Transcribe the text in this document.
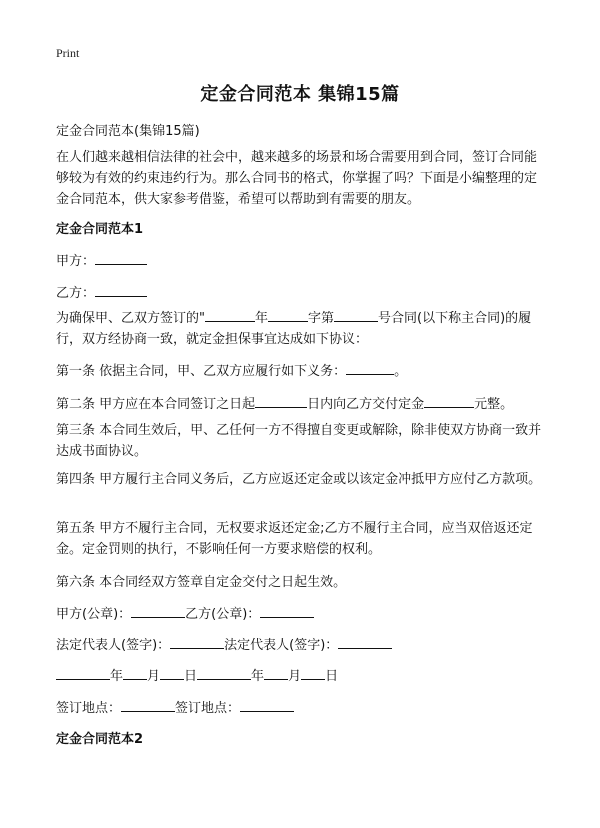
Print
定金合同范本 集锦15篇
定金合同范本(集锦15篇)
在人们越来越相信法律的社会中，越来越多的场景和场合需要用到合同，签订合同能够较为有效的约束违约行为。那么合同书的格式，你掌握了吗？下面是小编整理的定金合同范本，供大家参考借鉴，希望可以帮助到有需要的朋友。
定金合同范本1
甲方：
乙方：
为确保甲、乙双方签订的"	年	字第	号合同(以下称主合同)的履行，双方经协商一致，就定金担保事宜达成如下协议：
第一条 依据主合同，甲、乙双方应履行如下义务：	。
第二条 甲方应在本合同签订之日起	日内向乙方交付定金	元整。
第三条 本合同生效后，甲、乙任何一方不得擅自变更或解除，除非使双方协商一致并达成书面协议。
第四条 甲方履行主合同义务后，乙方应返还定金或以该定金冲抵甲方应付乙方款项。
第五条 甲方不履行主合同，无权要求返还定金;乙方不履行主合同，应当双倍返还定金。定金罚则的执行，不影响任何一方要求赔偿的权利。
第六条 本合同经双方签章自定金交付之日起生效。
甲方(公章)：	乙方(公章)：
法定代表人(签字)：	法定代表人(签字)：
年 月 日	年 月 日
签订地点：	签订地点：
定金合同范本2
